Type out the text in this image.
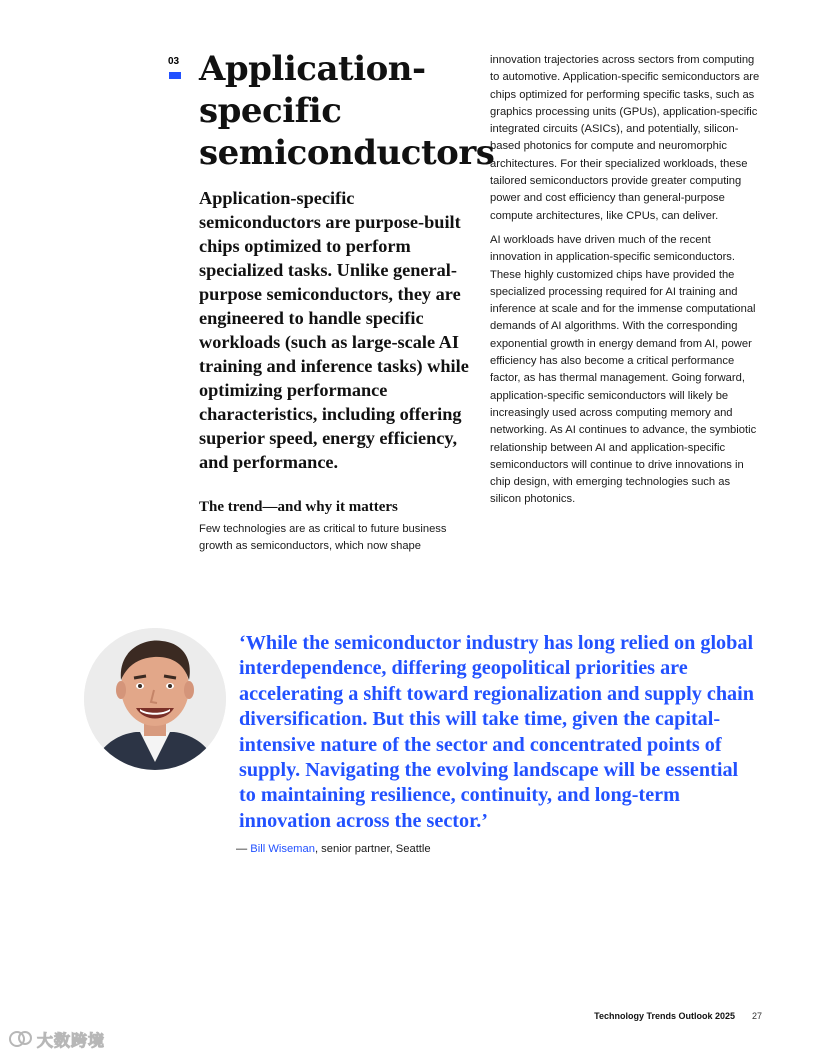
03 Application-specific semiconductors

Application-specific semiconductors are purpose-built chips optimized to perform specialized tasks. Unlike general-purpose semiconductors, they are engineered to handle specific workloads (such as large-scale AI training and inference tasks) while optimizing performance characteristics, including offering superior speed, energy efficiency, and performance.

The trend—and why it matters

Few technologies are as critical to future business growth as semiconductors, which now shape

innovation trajectories across sectors from computing to automotive. Application-specific semiconductors are chips optimized for performing specific tasks, such as graphics processing units (GPUs), application-specific integrated circuits (ASICs), and potentially, silicon-based photonics for compute and neuromorphic architectures. For their specialized workloads, these tailored semiconductors provide greater computing power and cost efficiency than general-purpose compute architectures, like CPUs, can deliver.

AI workloads have driven much of the recent innovation in application-specific semiconductors. These highly customized chips have provided the specialized processing required for AI training and inference at scale and for the immense computational demands of AI algorithms. With the corresponding exponential growth in energy demand from AI, power efficiency has also become a critical performance factor, as has thermal management. Going forward, application-specific semiconductors will likely be increasingly used across computing memory and networking. As AI continues to advance, the symbiotic relationship between AI and application-specific semiconductors will continue to drive innovations in chip design, with emerging technologies such as silicon photonics.

‘While the semiconductor industry has long relied on global interdependence, differing geopolitical priorities are accelerating a shift toward regionalization and supply chain diversification. But this will take time, given the capital-intensive nature of the sector and concentrated points of supply. Navigating the evolving landscape will be essential to maintaining resilience, continuity, and long-term innovation across the sector.’

— Bill Wiseman, senior partner, Seattle
Technology Trends Outlook 2025 27
大数跨境
